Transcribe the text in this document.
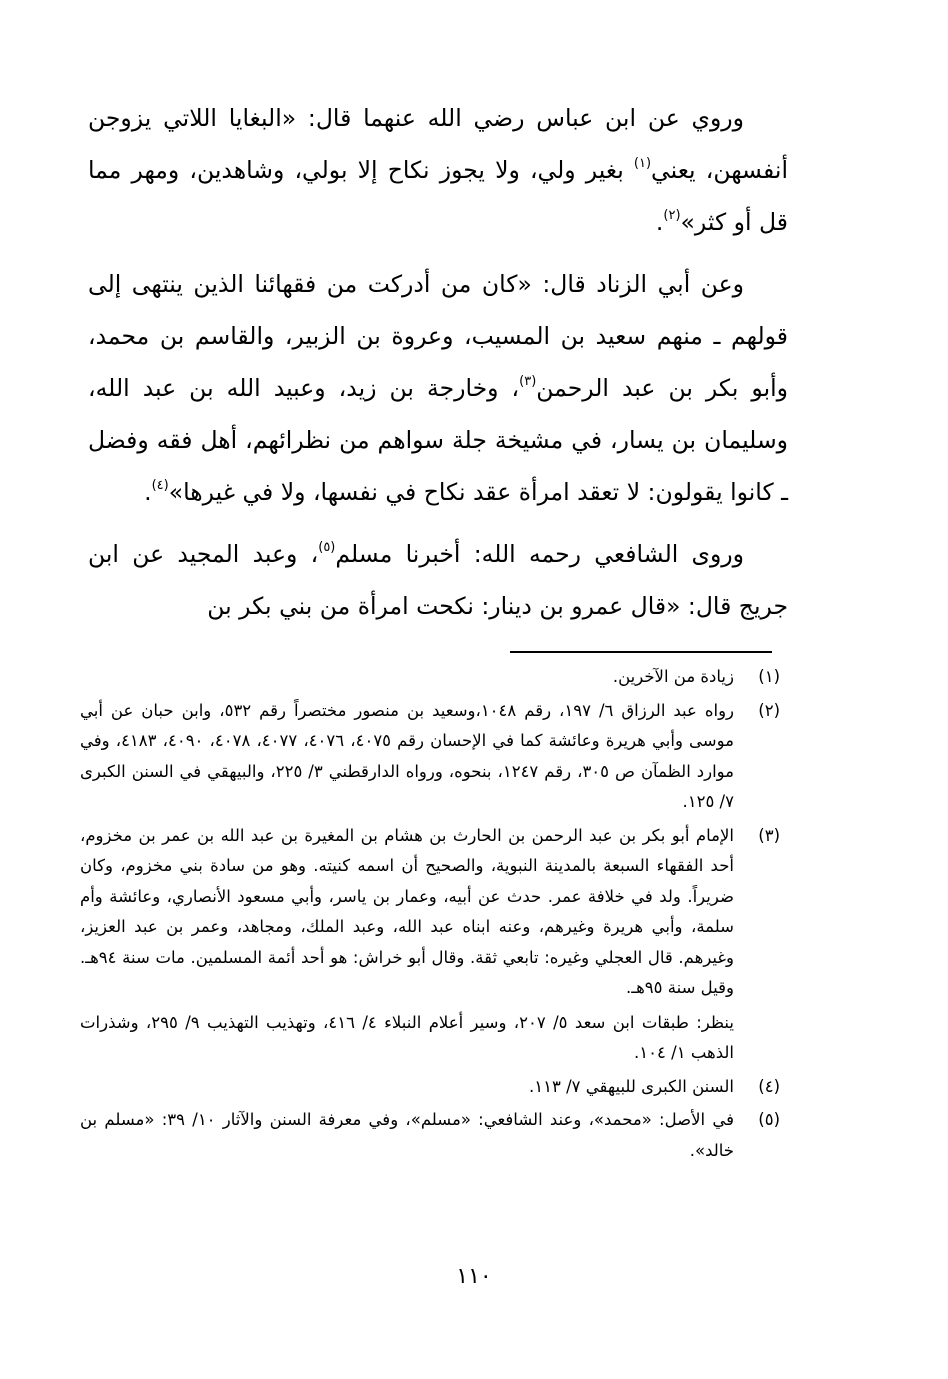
وروي عن ابن عباس رضي الله عنهما قال: «البغايا اللاتي يزوجن أنفسهن، يعني$^{(١)}$ بغير ولي، ولا يجوز نكاح إلا بولي، وشاهدين، ومهر مما قل أو كثر»$^{(٢)}$.

وعن أبي الزناد قال: «كان من أدركت من فقهائنا الذين ينتهى إلى قولهم ـ منهم سعيد بن المسيب، وعروة بن الزبير، والقاسم بن محمد، وأبو بكر بن عبد الرحمن$^{(٣)}$، وخارجة بن زيد، وعبيد الله بن عبد الله، وسليمان بن يسار، في مشيخة جلة سواهم من نظرائهم، أهل فقه وفضل ـ كانوا يقولون: لا تعقد امرأة عقد نكاح في نفسها، ولا في غيرها»$^{(٤)}$.

وروى الشافعي رحمه الله: أخبرنا مسلم$^{(٥)}$، وعبد المجيد عن ابن جريج قال: «قال عمرو بن دينار: نكحت امرأة من بني بكر بن

(١)
زيادة من الآخرين.
(٢)
رواه عبد الرزاق ٦/ ١٩٧، رقم ١٠٤٨،وسعيد بن منصور مختصراً رقم ٥٣٢، وابن حبان عن أبي موسى وأبي هريرة وعائشة كما في الإحسان رقم ٤٠٧٥، ٤٠٧٦، ٤٠٧٧، ٤٠٧٨، ٤٠٩٠، ٤١٨٣، وفي موارد الظمآن ص ٣٠٥، رقم ١٢٤٧، بنحوه، ورواه الدارقطني ٣/ ٢٢٥، والبيهقي في السنن الكبرى ٧/ ١٢٥.
(٣)
الإمام أبو بكر بن عبد الرحمن بن الحارث بن هشام بن المغيرة بن عبد الله بن عمر بن مخزوم، أحد الفقهاء السبعة بالمدينة النبوية، والصحيح أن اسمه كنيته. وهو من سادة بني مخزوم، وكان ضريراً. ولد في خلافة عمر. حدث عن أبيه، وعمار بن ياسر، وأبي مسعود الأنصاري، وعائشة وأم سلمة، وأبي هريرة وغيرهم، وعنه ابناه عبد الله، وعبد الملك، ومجاهد، وعمر بن عبد العزيز، وغيرهم. قال العجلي وغيره: تابعي ثقة. وقال أبو خراش: هو أحد أئمة المسلمين. مات سنة ٩٤هـ. وقيل سنة ٩٥هـ.
ينظر: طبقات ابن سعد ٥/ ٢٠٧، وسير أعلام النبلاء ٤/ ٤١٦، وتهذيب التهذيب ٩/ ٢٩٥، وشذرات الذهب ١/ ١٠٤.
(٤)
السنن الكبرى للبيهقي ٧/ ١١٣.
(٥)
في الأصل: «محمد»، وعند الشافعي: «مسلم»، وفي معرفة السنن والآثار ١٠/ ٣٩: «مسلم بن خالد».
١١٠
